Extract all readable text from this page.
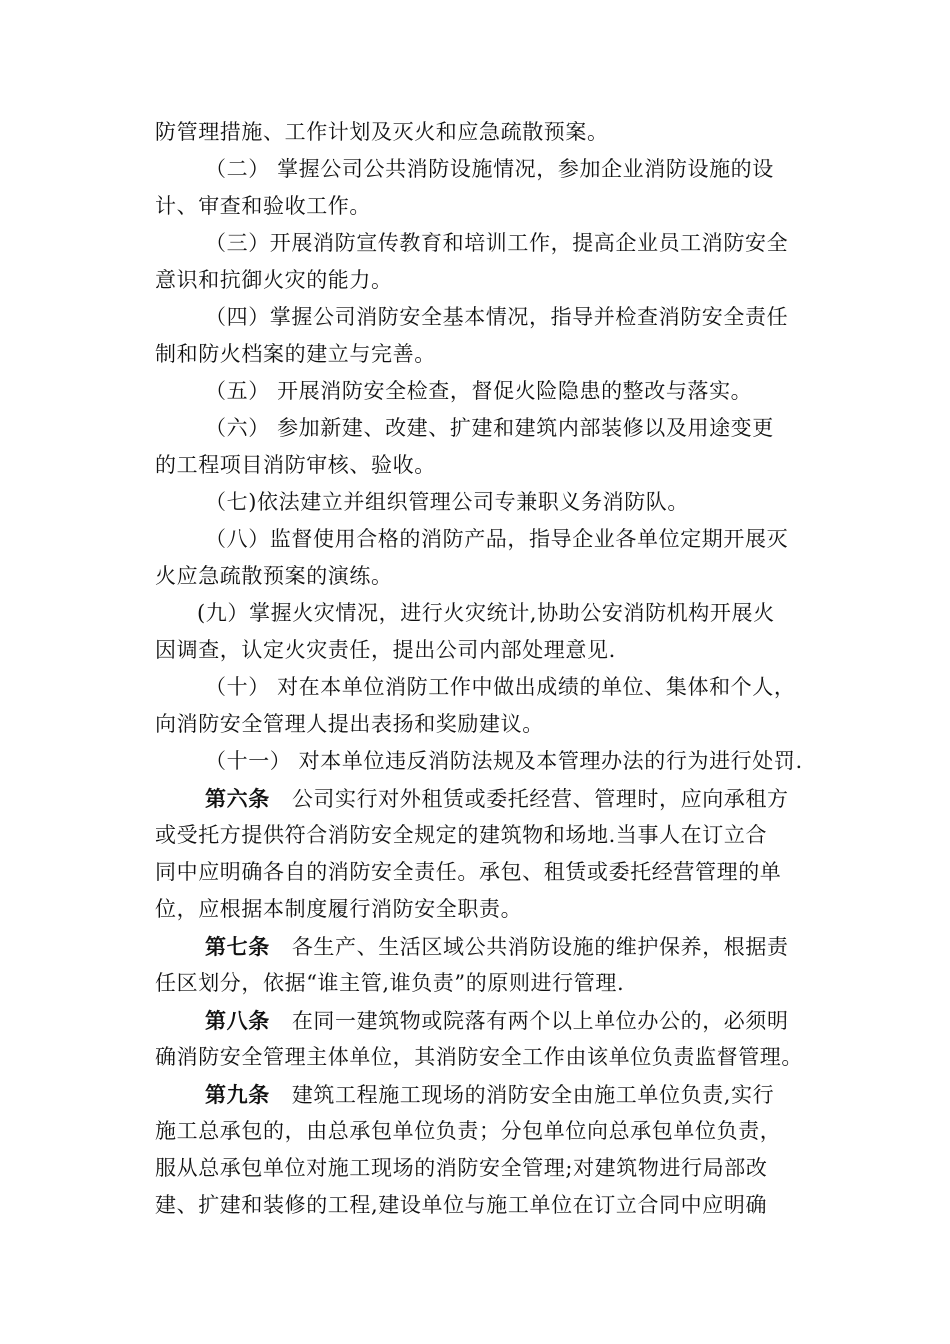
防管理措施、工作计划及灭火和应急疏散预案。
（二） 掌握公司公共消防设施情况，参加企业消防设施的设
计、审查和验收工作。
（三）开展消防宣传教育和培训工作，提高企业员工消防安全
意识和抗御火灾的能力。
（四）掌握公司消防安全基本情况，指导并检查消防安全责任
制和防火档案的建立与完善。
（五） 开展消防安全检查，督促火险隐患的整改与落实。
（六） 参加新建、改建、扩建和建筑内部装修以及用途变更
的工程项目消防审核、验收。
（七)依法建立并组织管理公司专兼职义务消防队。
（八）监督使用合格的消防产品，指导企业各单位定期开展灭
火应急疏散预案的演练。
(九）掌握火灾情况，进行火灾统计,协助公安消防机构开展火
因调查，认定火灾责任，提出公司内部处理意见.
（十） 对在本单位消防工作中做出成绩的单位、集体和个人，
向消防安全管理人提出表扬和奖励建议。
（十一） 对本单位违反消防法规及本管理办法的行为进行处罚.
第六条 公司实行对外租赁或委托经营、管理时，应向承租方
或受托方提供符合消防安全规定的建筑物和场地.当事人在订立合
同中应明确各自的消防安全责任。承包、租赁或委托经营管理的单
位，应根据本制度履行消防安全职责。
第七条 各生产、生活区域公共消防设施的维护保养，根据责
任区划分，依据“谁主管,谁负责”的原则进行管理.
第八条 在同一建筑物或院落有两个以上单位办公的，必须明
确消防安全管理主体单位，其消防安全工作由该单位负责监督管理。
第九条 建筑工程施工现场的消防安全由施工单位负责,实行
施工总承包的，由总承包单位负责；分包单位向总承包单位负责，
服从总承包单位对施工现场的消防安全管理;对建筑物进行局部改
建、扩建和装修的工程,建设单位与施工单位在订立合同中应明确
